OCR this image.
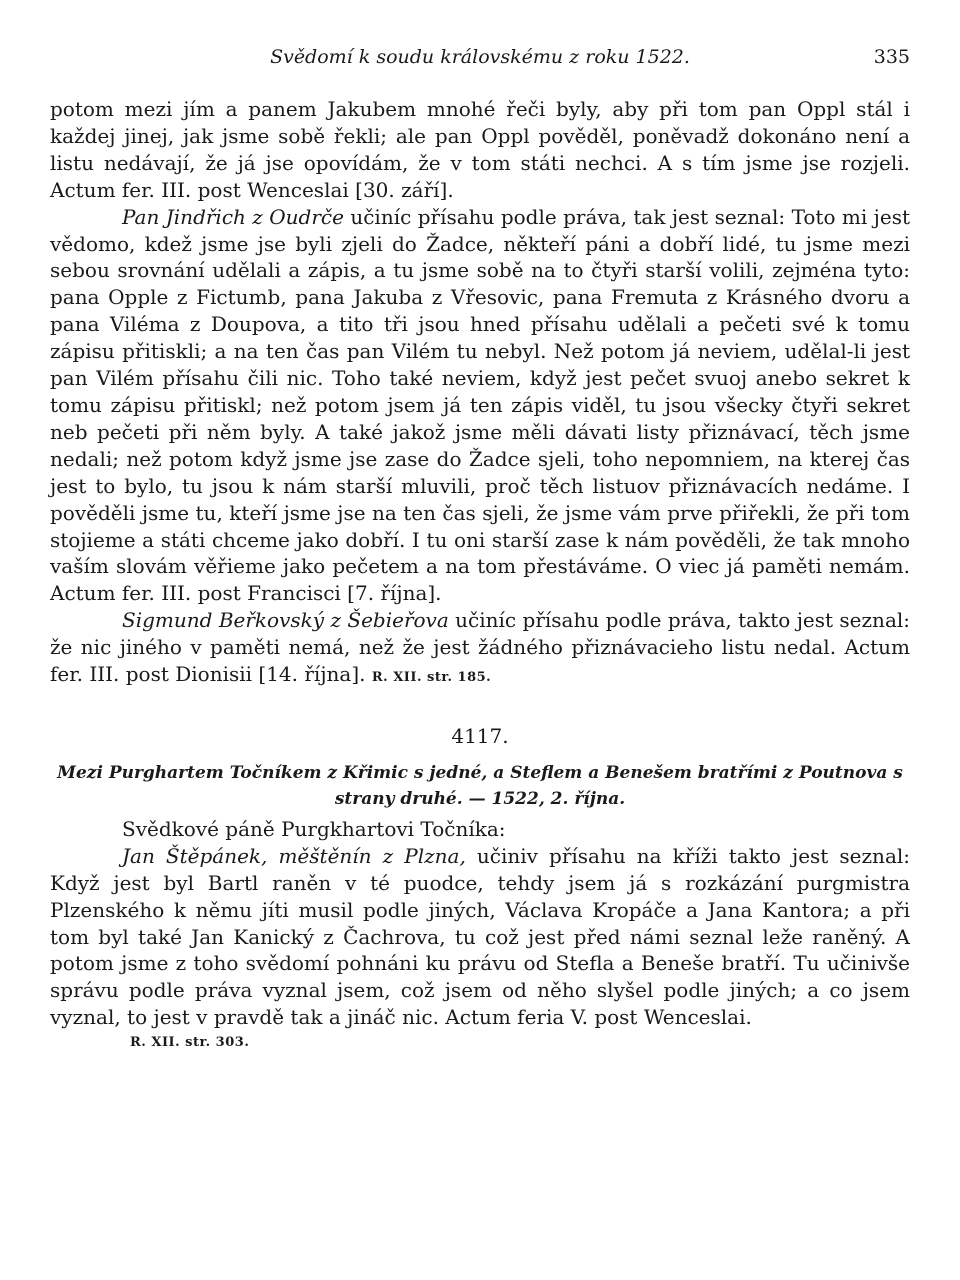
Svědomí k soudu královskému z roku 1522.	335

potom mezi jím a panem Jakubem mnohé řeči byly, aby při tom pan Oppl stál i každej jinej, jak jsme sobě řekli; ale pan Oppl pověděl, poněvadž dokonáno není a listu nedávají, že já jse opovídám, že v tom státi nechci. A s tím jsme jse rozjeli. Actum fer. III. post Wenceslai [30. září].

Pan Jindřich z Oudrče učiníc přísahu podle práva, tak jest seznal: Toto mi jest vědomo, kdež jsme jse byli zjeli do Žadce, někteří páni a dobří lidé, tu jsme mezi sebou srovnání udělali a zápis, a tu jsme sobě na to čtyři starší volili, zejména tyto: pana Opple z Fictumb, pana Jakuba z Vřesovic, pana Fremuta z Krásného dvoru a pana Viléma z Doupova, a tito tři jsou hned přísahu udělali a pečeti své k tomu zápisu přitiskli; a na ten čas pan Vilém tu nebyl. Než potom já neviem, udělal-li jest pan Vilém přísahu čili nic. Toho také neviem, když jest pečet svuoj anebo sekret k tomu zápisu přitiskl; než potom jsem já ten zápis viděl, tu jsou všecky čtyři sekret neb pečeti při něm byly. A také jakož jsme měli dávati listy přiznávací, těch jsme nedali; než potom když jsme jse zase do Žadce sjeli, toho nepomniem, na kterej čas jest to bylo, tu jsou k nám starší mluvili, proč těch listuov přiznávacích nedáme. I pověděli jsme tu, kteří jsme jse na ten čas sjeli, že jsme vám prve přiřekli, že při tom stojieme a státi chceme jako dobří. I tu oni starší zase k nám pověděli, že tak mnoho vaším slovám věřieme jako pečetem a na tom přestáváme. O viec já paměti nemám. Actum fer. III. post Francisci [7. října].

Sigmund Beřkovský z Šebieřova učiníc přísahu podle práva, takto jest seznal: že nic jiného v paměti nemá, než že jest žádného přiznávacieho listu nedal. Actum fer. III. post Dionisii [14. října]. R. XII. str. 185.

4117.
Mezi Purghartem Točníkem z Křimic s jedné, a Steflem a Benešem bratřími z Poutnova s strany druhé. — 1522, 2. října.

Svědkové páně Purgkhartovi Točníka:

Jan Štěpánek, měštěnín z Plzna, učiniv přísahu na kříži takto jest seznal: Když jest byl Bartl raněn v té puodce, tehdy jsem já s rozkázání purgmistra Plzenského k němu jíti musil podle jiných, Václava Kropáče a Jana Kantora; a při tom byl také Jan Kanický z Čachrova, tu což jest před námi seznal leže raněný. A potom jsme z toho svědomí pohnáni ku právu od Stefla a Beneše bratří. Tu učinivše správu podle práva vyznal jsem, což jsem od něho slyšel podle jiných; a co jsem vyznal, to jest v pravdě tak a jináč nic. Actum feria V. post Wenceslai.

R. XII. str. 303.
